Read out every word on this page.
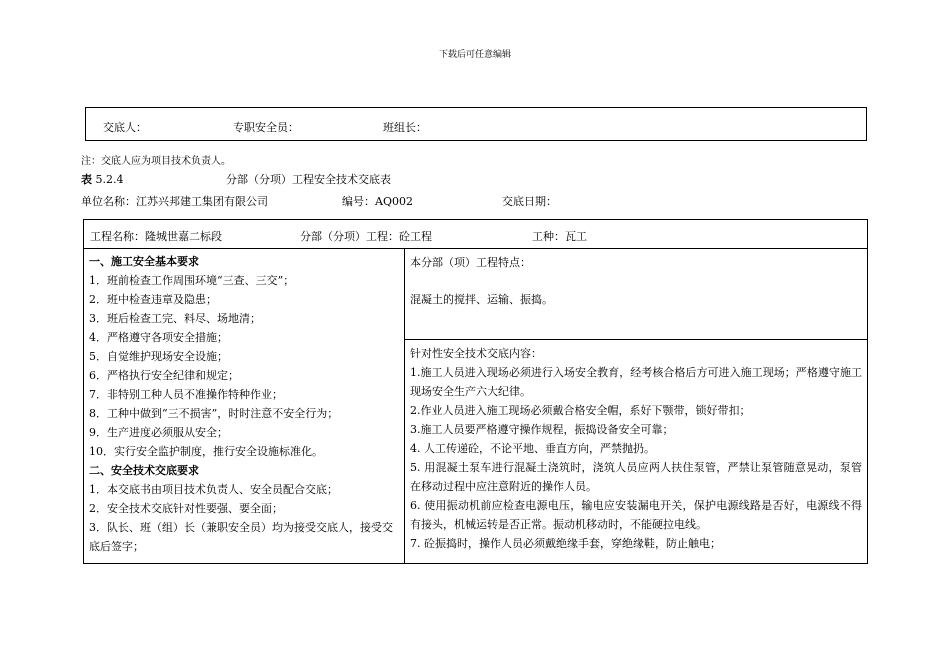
下载后可任意编辑
交底人：	专职安全员：	班组长：
注：交底人应为项目技术负责人。
表 5.2.4	分部（分项）工程安全技术交底表
单位名称：江苏兴邦建工集团有限公司	编号：AQ002	交底日期：
工程名称：隆城世嘉二标段	分部（分项）工程：砼工程	工种：瓦工
一、施工安全基本要求
1．班前检查工作周围环境“三查、三交”；
2．班中检查违章及隐患；
3．班后检查工完、料尽、场地清；
4．严格遵守各项安全措施；
5．自觉维护现场安全设施；
6．严格执行安全纪律和规定；
7．非特别工种人员不准操作特种作业；
8．工种中做到“三不损害”，时时注意不安全行为；
9．生产进度必须服从安全；
10．实行安全监护制度，推行安全设施标准化。
二、安全技术交底要求
1．本交底书由项目技术负责人、安全员配合交底；
2．安全技术交底针对性要强、要全面；
3．队长、班（组）长（兼职安全员）均为接受交底人，接受交底后签字；
本分部（项）工程特点：
混凝土的搅拌、运输、振捣。
针对性安全技术交底内容：
1.施工人员进入现场必须进行入场安全教育，经考核合格后方可进入施工现场；严格遵守施工现场安全生产六大纪律。
2.作业人员进入施工现场必须戴合格安全帽，系好下颚带，锁好带扣；
3.施工人员要严格遵守操作规程，振捣设备安全可靠；
4. 人工传递砼，不论平地、垂直方向，严禁抛扔。
5. 用混凝土泵车进行混凝土浇筑时，浇筑人员应两人扶住泵管，严禁让泵管随意晃动，泵管在移动过程中应注意附近的操作人员。
6. 使用振动机前应检查电源电压，输电应安装漏电开关，保护电源线路是否好，电源线不得有接头，机械运转是否正常。振动机移动时，不能硬拉电线。
7. 砼振捣时，操作人员必须戴绝缘手套，穿绝缘鞋，防止触电；
